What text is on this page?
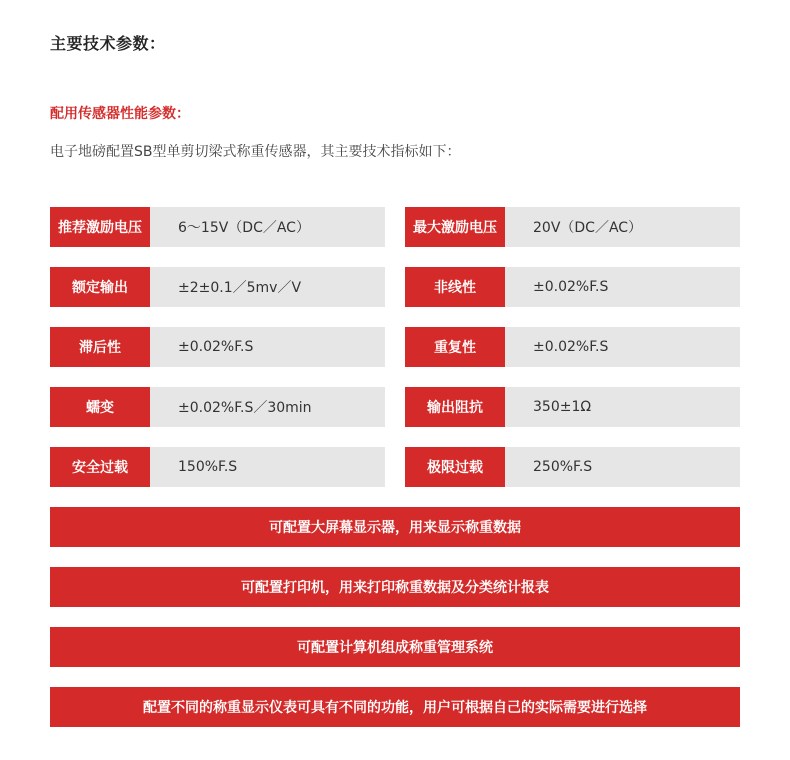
主要技术参数：
配用传感器性能参数：
电子地磅配置SB型单剪切梁式称重传感器，其主要技术指标如下：
推荐激励电压	6～15V（DC／AC）	最大激励电压	20V（DC／AC）
额定输出	±2±0.1／5mv／V	非线性	±0.02%F.S
滞后性	±0.02%F.S	重复性	±0.02%F.S
蠕变	±0.02%F.S／30min	输出阻抗	350±1Ω
安全过载	150%F.S	极限过载	250%F.S
可配置大屏幕显示器，用来显示称重数据
可配置打印机，用来打印称重数据及分类统计报表
可配置计算机组成称重管理系统
配置不同的称重显示仪表可具有不同的功能，用户可根据自己的实际需要进行选择
